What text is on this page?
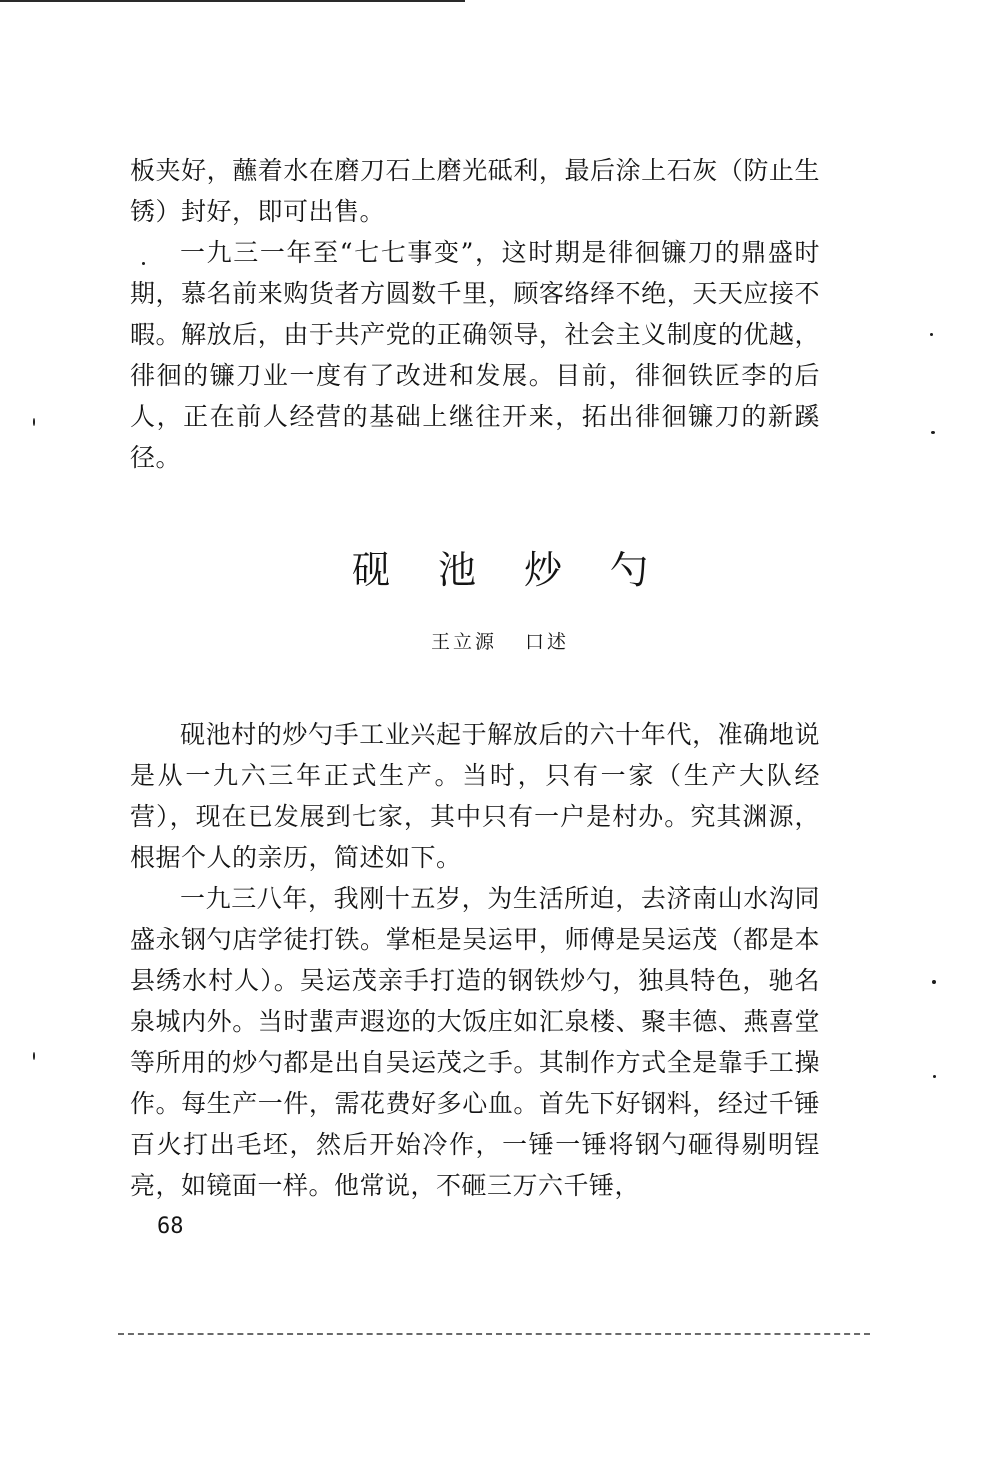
板夹好，蘸着水在磨刀石上磨光砥利，最后涂上石灰（防止生锈）封好，即可出售。

一九三一年至“七七事变”，这时期是徘徊镰刀的鼎盛时期，慕名前来购货者方圆数千里，顾客络绎不绝，天天应接不暇。解放后，由于共产党的正确领导，社会主义制度的优越，徘徊的镰刀业一度有了改进和发展。目前，徘徊铁匠李的后人，正在前人经营的基础上继往开来，拓出徘徊镰刀的新蹊径。

砚池炒勺
王立源 口述

砚池村的炒勺手工业兴起于解放后的六十年代，准确地说是从一九六三年正式生产。当时，只有一家（生产大队经营），现在已发展到七家，其中只有一户是村办。究其渊源，根据个人的亲历，简述如下。

一九三八年，我刚十五岁，为生活所迫，去济南山水沟同盛永钢勺店学徒打铁。掌柜是吴运甲，师傅是吴运茂（都是本县绣水村人）。吴运茂亲手打造的钢铁炒勺，独具特色，驰名泉城内外。当时蜚声遐迩的大饭庄如汇泉楼、聚丰德、燕喜堂等所用的炒勺都是出自吴运茂之手。其制作方式全是靠手工操作。每生产一件，需花费好多心血。首先下好钢料，经过千锤百火打出毛坯，然后开始冷作，一锤一锤将钢勺砸得剔明锃亮，如镜面一样。他常说，不砸三万六千锤，

68
